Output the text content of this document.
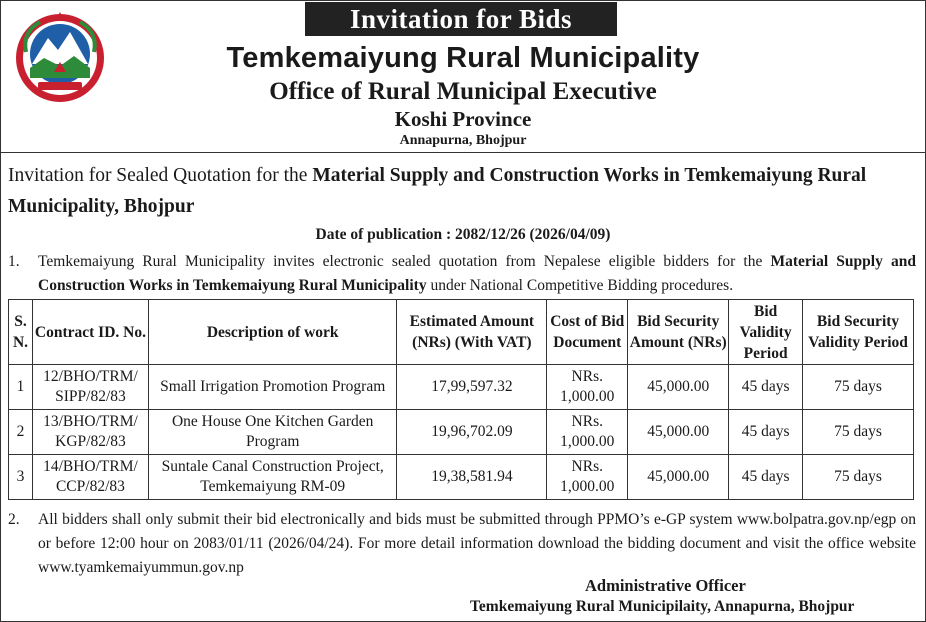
Invitation for Bids
Temkemaiyung Rural Municipality
Office of Rural Municipal Executive
Koshi Province
Annapurna, Bhojpur
Invitation for Sealed Quotation for the Material Supply and Construction Works in Temkemaiyung Rural Municipality, Bhojpur
Date of publication : 2082/12/26 (2026/04/09)
1. Temkemaiyung Rural Municipality invites electronic sealed quotation from Nepalese eligible bidders for the Material Supply and Construction Works in Temkemaiyung Rural Municipality under National Competitive Bidding procedures.
S. N.	Contract ID. No.	Description of work	Estimated Amount (NRs) (With VAT)	Cost of Bid Document	Bid Security Amount (NRs)	Bid Validity Period	Bid Security Validity Period
1	12/BHO/TRM/ SIPP/82/83	Small Irrigation Promotion Program	17,99,597.32	NRs. 1,000.00	45,000.00	45 days	75 days
2	13/BHO/TRM/ KGP/82/83	One House One Kitchen Garden Program	19,96,702.09	NRs. 1,000.00	45,000.00	45 days	75 days
3	14/BHO/TRM/ CCP/82/83	Suntale Canal Construction Project, Temkemaiyung RM-09	19,38,581.94	NRs. 1,000.00	45,000.00	45 days	75 days
2. All bidders shall only submit their bid electronically and bids must be submitted through PPMO’s e-GP system www.bolpatra.gov.np/egp on or before 12:00 hour on 2083/01/11 (2026/04/24). For more detail information download the bidding document and visit the office website www.tyamkemaiyummun.gov.np
Administrative Officer
Temkemaiyung Rural Municipilaity, Annapurna, Bhojpur
